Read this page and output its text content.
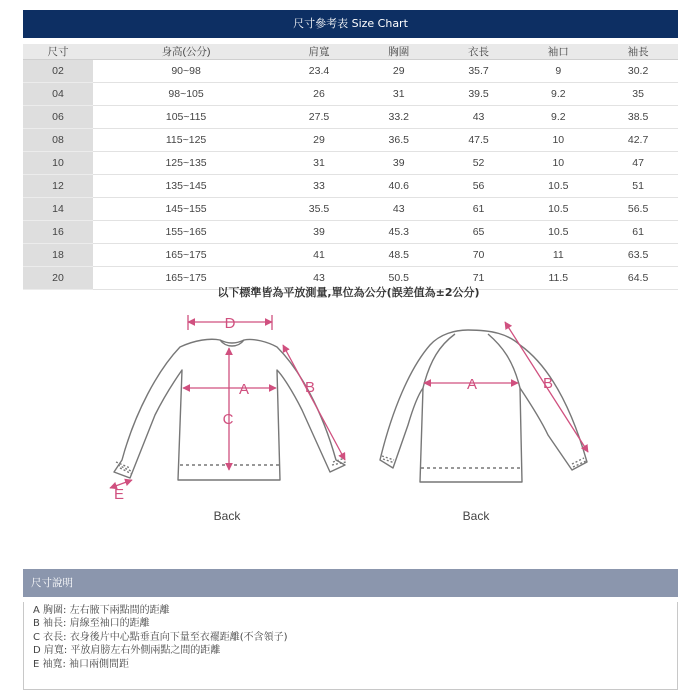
尺寸參考表 Size Chart
尺寸	身高(公分)	肩寬	胸圍	衣長	袖口	袖長
02	90~98	23.4	29	35.7	9	30.2
04	98~105	26	31	39.5	9.2	35
06	105~115	27.5	33.2	43	9.2	38.5
08	115~125	29	36.5	47.5	10	42.7
10	125~135	31	39	52	10	47
12	135~145	33	40.6	56	10.5	51
14	145~155	35.5	43	61	10.5	56.5
16	155~165	39	45.3	65	10.5	61
18	165~175	41	48.5	70	11	63.5
20	165~175	43	50.5	71	11.5	64.5
以下標準皆為平放測量,單位為公分(誤差值為±2公分)
D
A	B
C
E
Back
A	B
Back
尺寸說明
A 胸圍: 左右腋下兩點間的距離
B 袖長: 肩線至袖口的距離
C 衣長: 衣身後片中心點垂直向下量至衣襬距離(不含領子)
D 肩寬: 平放肩膀左右外側兩點之間的距離
E 袖寬: 袖口兩側間距
